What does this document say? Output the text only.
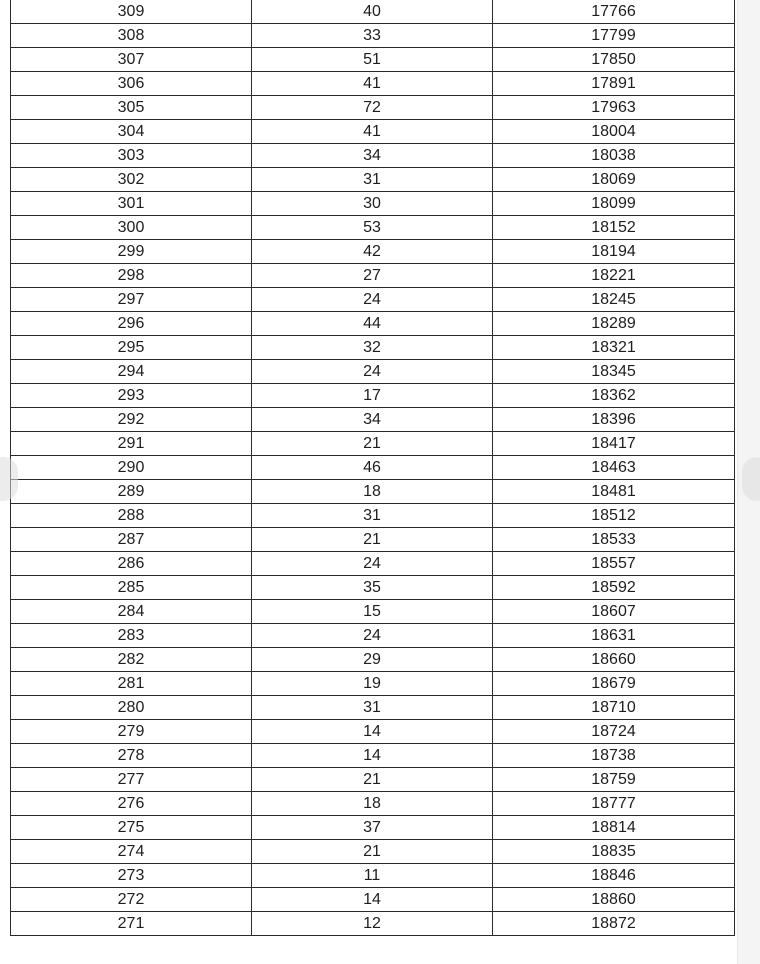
309	40	17766
308	33	17799
307	51	17850
306	41	17891
305	72	17963
304	41	18004
303	34	18038
302	31	18069
301	30	18099
300	53	18152
299	42	18194
298	27	18221
297	24	18245
296	44	18289
295	32	18321
294	24	18345
293	17	18362
292	34	18396
291	21	18417
290	46	18463
289	18	18481
288	31	18512
287	21	18533
286	24	18557
285	35	18592
284	15	18607
283	24	18631
282	29	18660
281	19	18679
280	31	18710
279	14	18724
278	14	18738
277	21	18759
276	18	18777
275	37	18814
274	21	18835
273	11	18846
272	14	18860
271	12	18872
